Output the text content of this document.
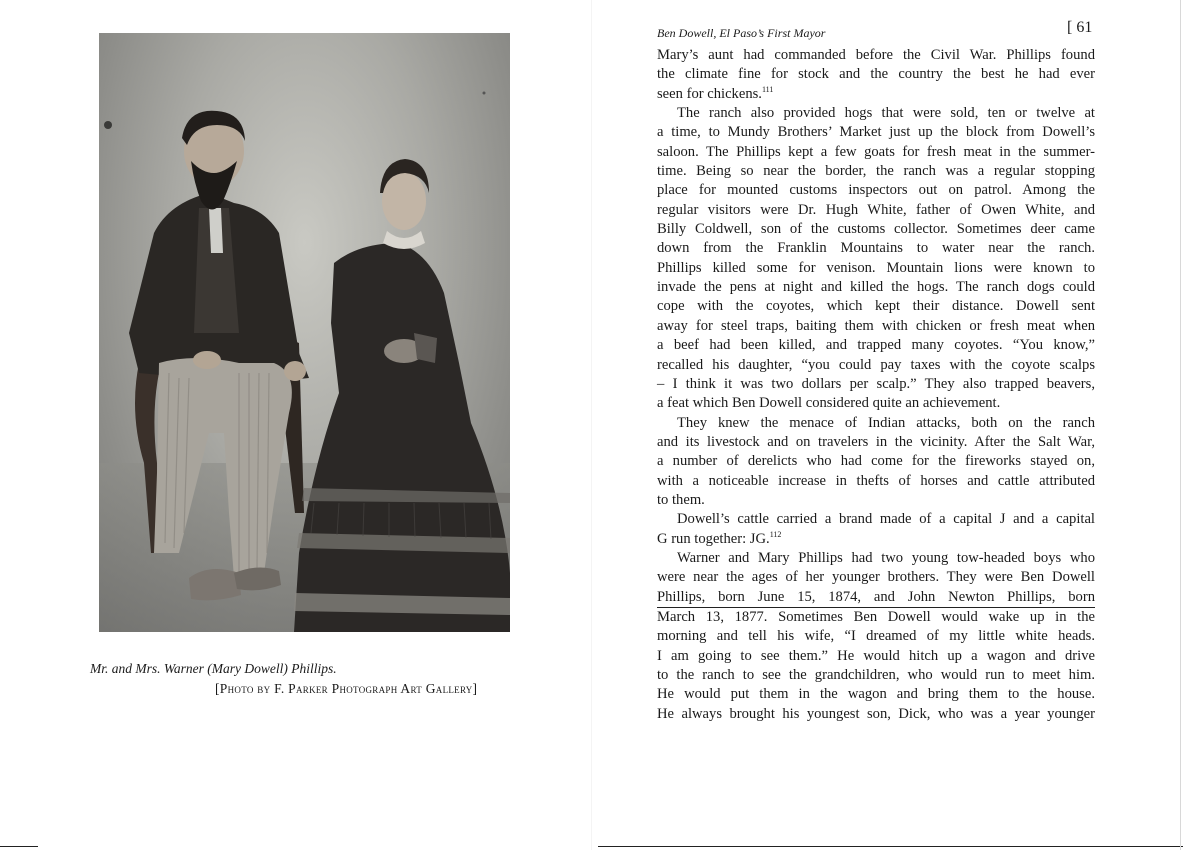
Mr. and Mrs. Warner (Mary Dowell) Phillips.
[Photo by F. Parker Photograph Art Gallery]
Ben Dowell, El Paso’s First Mayor	[ 61
Mary’s aunt had commanded before the Civil War. Phillips found
the climate fine for stock and the country the best he had ever
seen for chickens.$^{111}$
The ranch also provided hogs that were sold, ten or twelve at
a time, to Mundy Brothers’ Market just up the block from Dowell’s
saloon. The Phillips kept a few goats for fresh meat in the summer-
time. Being so near the border, the ranch was a regular stopping
place for mounted customs inspectors out on patrol. Among the
regular visitors were Dr. Hugh White, father of Owen White, and
Billy Coldwell, son of the customs collector. Sometimes deer came
down from the Franklin Mountains to water near the ranch.
Phillips killed some for venison. Mountain lions were known to
invade the pens at night and killed the hogs. The ranch dogs could
cope with the coyotes, which kept their distance. Dowell sent
away for steel traps, baiting them with chicken or fresh meat when
a beef had been killed, and trapped many coyotes. “You know,”
recalled his daughter, “you could pay taxes with the coyote scalps
– I think it was two dollars per scalp.” They also trapped beavers,
a feat which Ben Dowell considered quite an achievement.
They knew the menace of Indian attacks, both on the ranch
and its livestock and on travelers in the vicinity. After the Salt War,
a number of derelicts who had come for the fireworks stayed on,
with a noticeable increase in thefts of horses and cattle attributed
to them.
Dowell’s cattle carried a brand made of a capital J and a capital
G run together: JG.$^{112}$
Warner and Mary Phillips had two young tow-headed boys who
were near the ages of her younger brothers. They were Ben Dowell
Phillips, born June 15, 1874, and John Newton Phillips, born
March 13, 1877. Sometimes Ben Dowell would wake up in the
morning and tell his wife, “I dreamed of my little white heads.
I am going to see them.” He would hitch up a wagon and drive
to the ranch to see the grandchildren, who would run to meet him.
He would put them in the wagon and bring them to the house.
He always brought his youngest son, Dick, who was a year younger
